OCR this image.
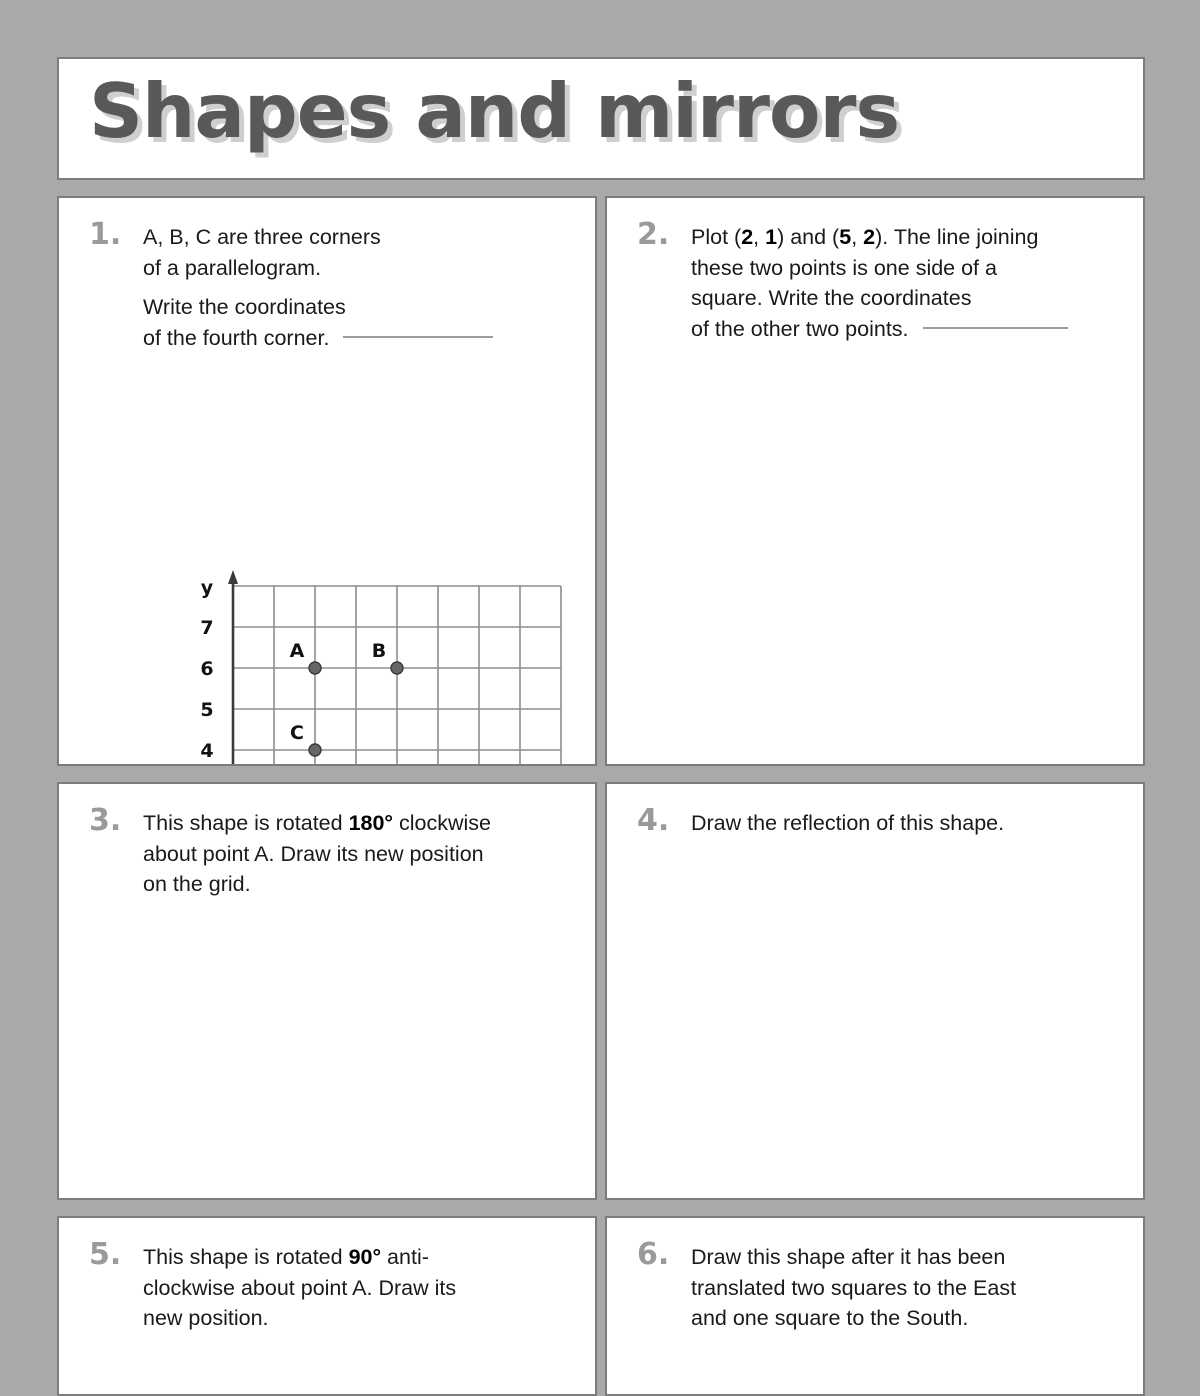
Shapes and mirrors
1. A, B, C are three corners
of a parallelogram.
Write the coordinates
of the fourth corner.
y
7
6
5
4
A	B
C
2. Plot (2, 1) and (5, 2). The line joining
these two points is one side of a
square. Write the coordinates
of the other two points.
3. This shape is rotated 180° clockwise
about point A. Draw its new position
on the grid.
4. Draw the reflection of this shape.
5. This shape is rotated 90° anti-
clockwise about point A. Draw its
new position.
6. Draw this shape after it has been
translated two squares to the East
and one square to the South.
